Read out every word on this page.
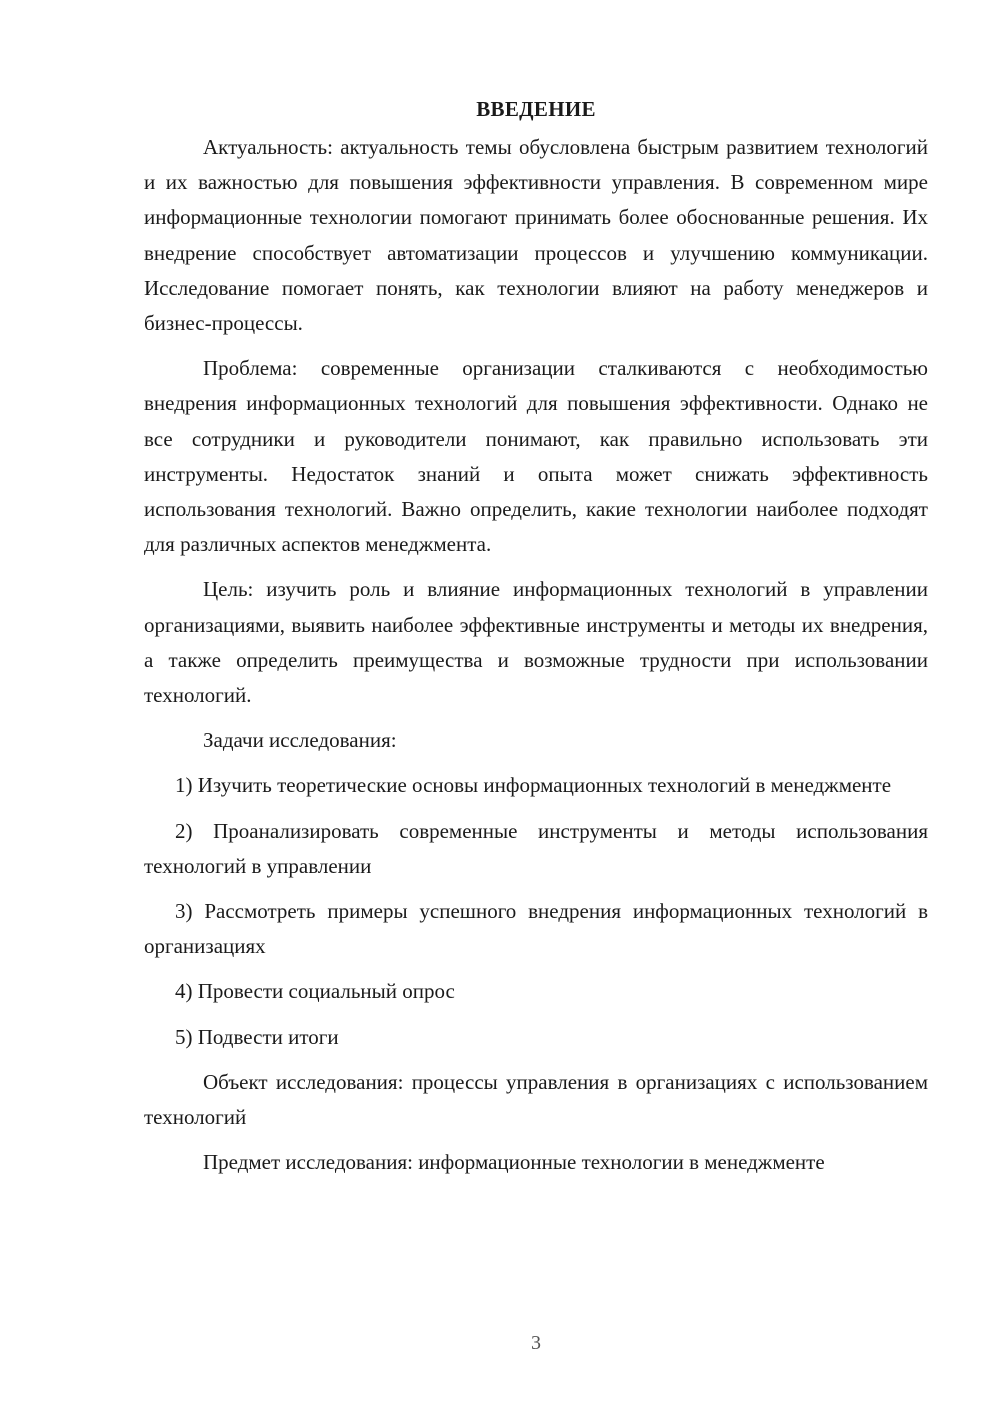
ВВЕДЕНИЕ

Актуальность: актуальность темы обусловлена быстрым развитием технологий и их важностью для повышения эффективности управления. В современном мире информационные технологии помогают принимать более обоснованные решения. Их внедрение способствует автоматизации процессов и улучшению коммуникации. Исследование помогает понять, как технологии влияют на работу менеджеров и бизнес-процессы.

Проблема: современные организации сталкиваются с необходимостью внедрения информационных технологий для повышения эффективности. Однако не все сотрудники и руководители понимают, как правильно использовать эти инструменты. Недостаток знаний и опыта может снижать эффективность использования технологий. Важно определить, какие технологии наиболее подходят для различных аспектов менеджмента.

Цель: изучить роль и влияние информационных технологий в управлении организациями, выявить наиболее эффективные инструменты и методы их внедрения, а также определить преимущества и возможные трудности при использовании технологий.

Задачи исследования:

1) Изучить теоретические основы информационных технологий в менеджменте

2) Проанализировать современные инструменты и методы использования технологий в управлении

3) Рассмотреть примеры успешного внедрения информационных технологий в организациях

4) Провести социальный опрос

5) Подвести итоги

Объект исследования: процессы управления в организациях с использованием технологий

Предмет исследования: информационные технологии в менеджменте

3
